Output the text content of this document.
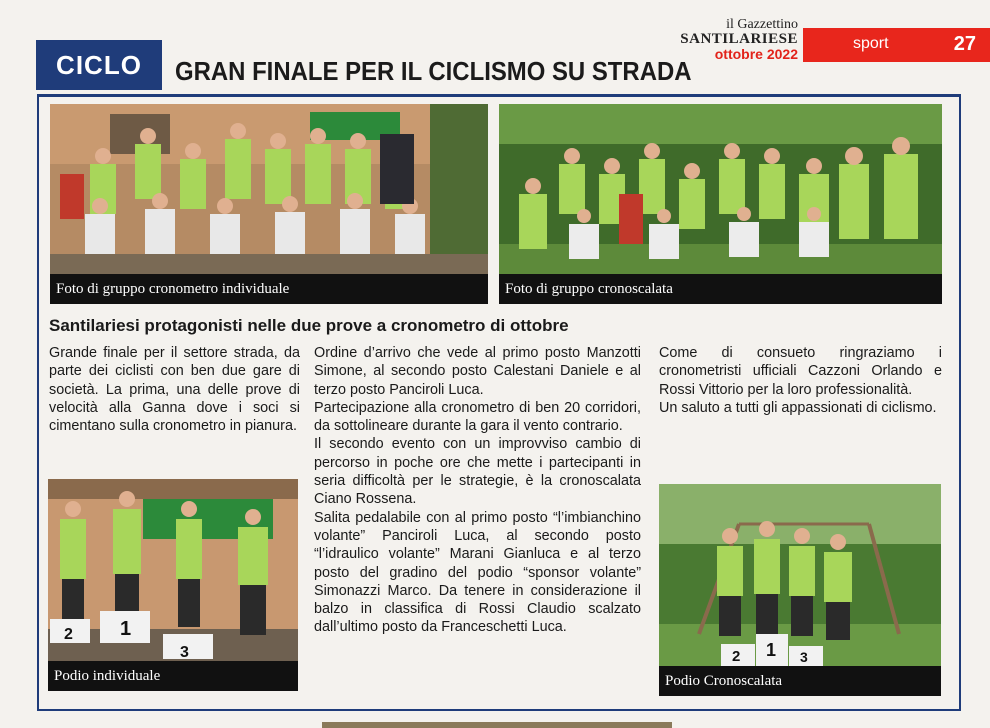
il Gazzettino
SANTILARIESE
ottobre 2022
sport	27
CICLO	GRAN FINALE PER IL CICLISMO SU STRADA
Foto di gruppo cronometro individuale	Foto di gruppo cronoscalata
Santilariesi protagonisti nelle due prove a cronometro di ottobre

Grande finale per il settore strada, da parte dei ciclisti con ben due gare di società. La prima, una delle prove di velocità alla Ganna dove i soci si cimentano sulla cronometro in pianura.

2 1
3
Podio individuale

Ordine d’arrivo che vede al primo posto Manzotti Simone, al secondo posto Calestani Daniele e al terzo posto Panciroli Luca.

Partecipazione alla cronometro di ben 20 corridori, da sottolineare durante la gara il vento contrario.

Il secondo evento con un improvviso cambio di percorso in poche ore che mette i partecipanti in seria difficoltà per le strategie, è la cronoscalata Ciano Rossena.

Salita pedalabile con al primo posto “l’imbianchino volante” Panciroli Luca, al secondo posto “l’idraulico volante” Marani Gianluca e al terzo posto del gradino del podio “sponsor volante” Simonazzi Marco. Da tenere in considerazione il balzo in classifica di Rossi Claudio scalzato dall’ultimo posto da Franceschetti Luca.

Come di consueto ringraziamo i cronometristi ufficiali Cazzoni Orlando e Rossi Vittorio per la loro professionalità.

Un saluto a tutti gli appassionati di ciclismo.

2 1 3
Podio Cronoscalata
